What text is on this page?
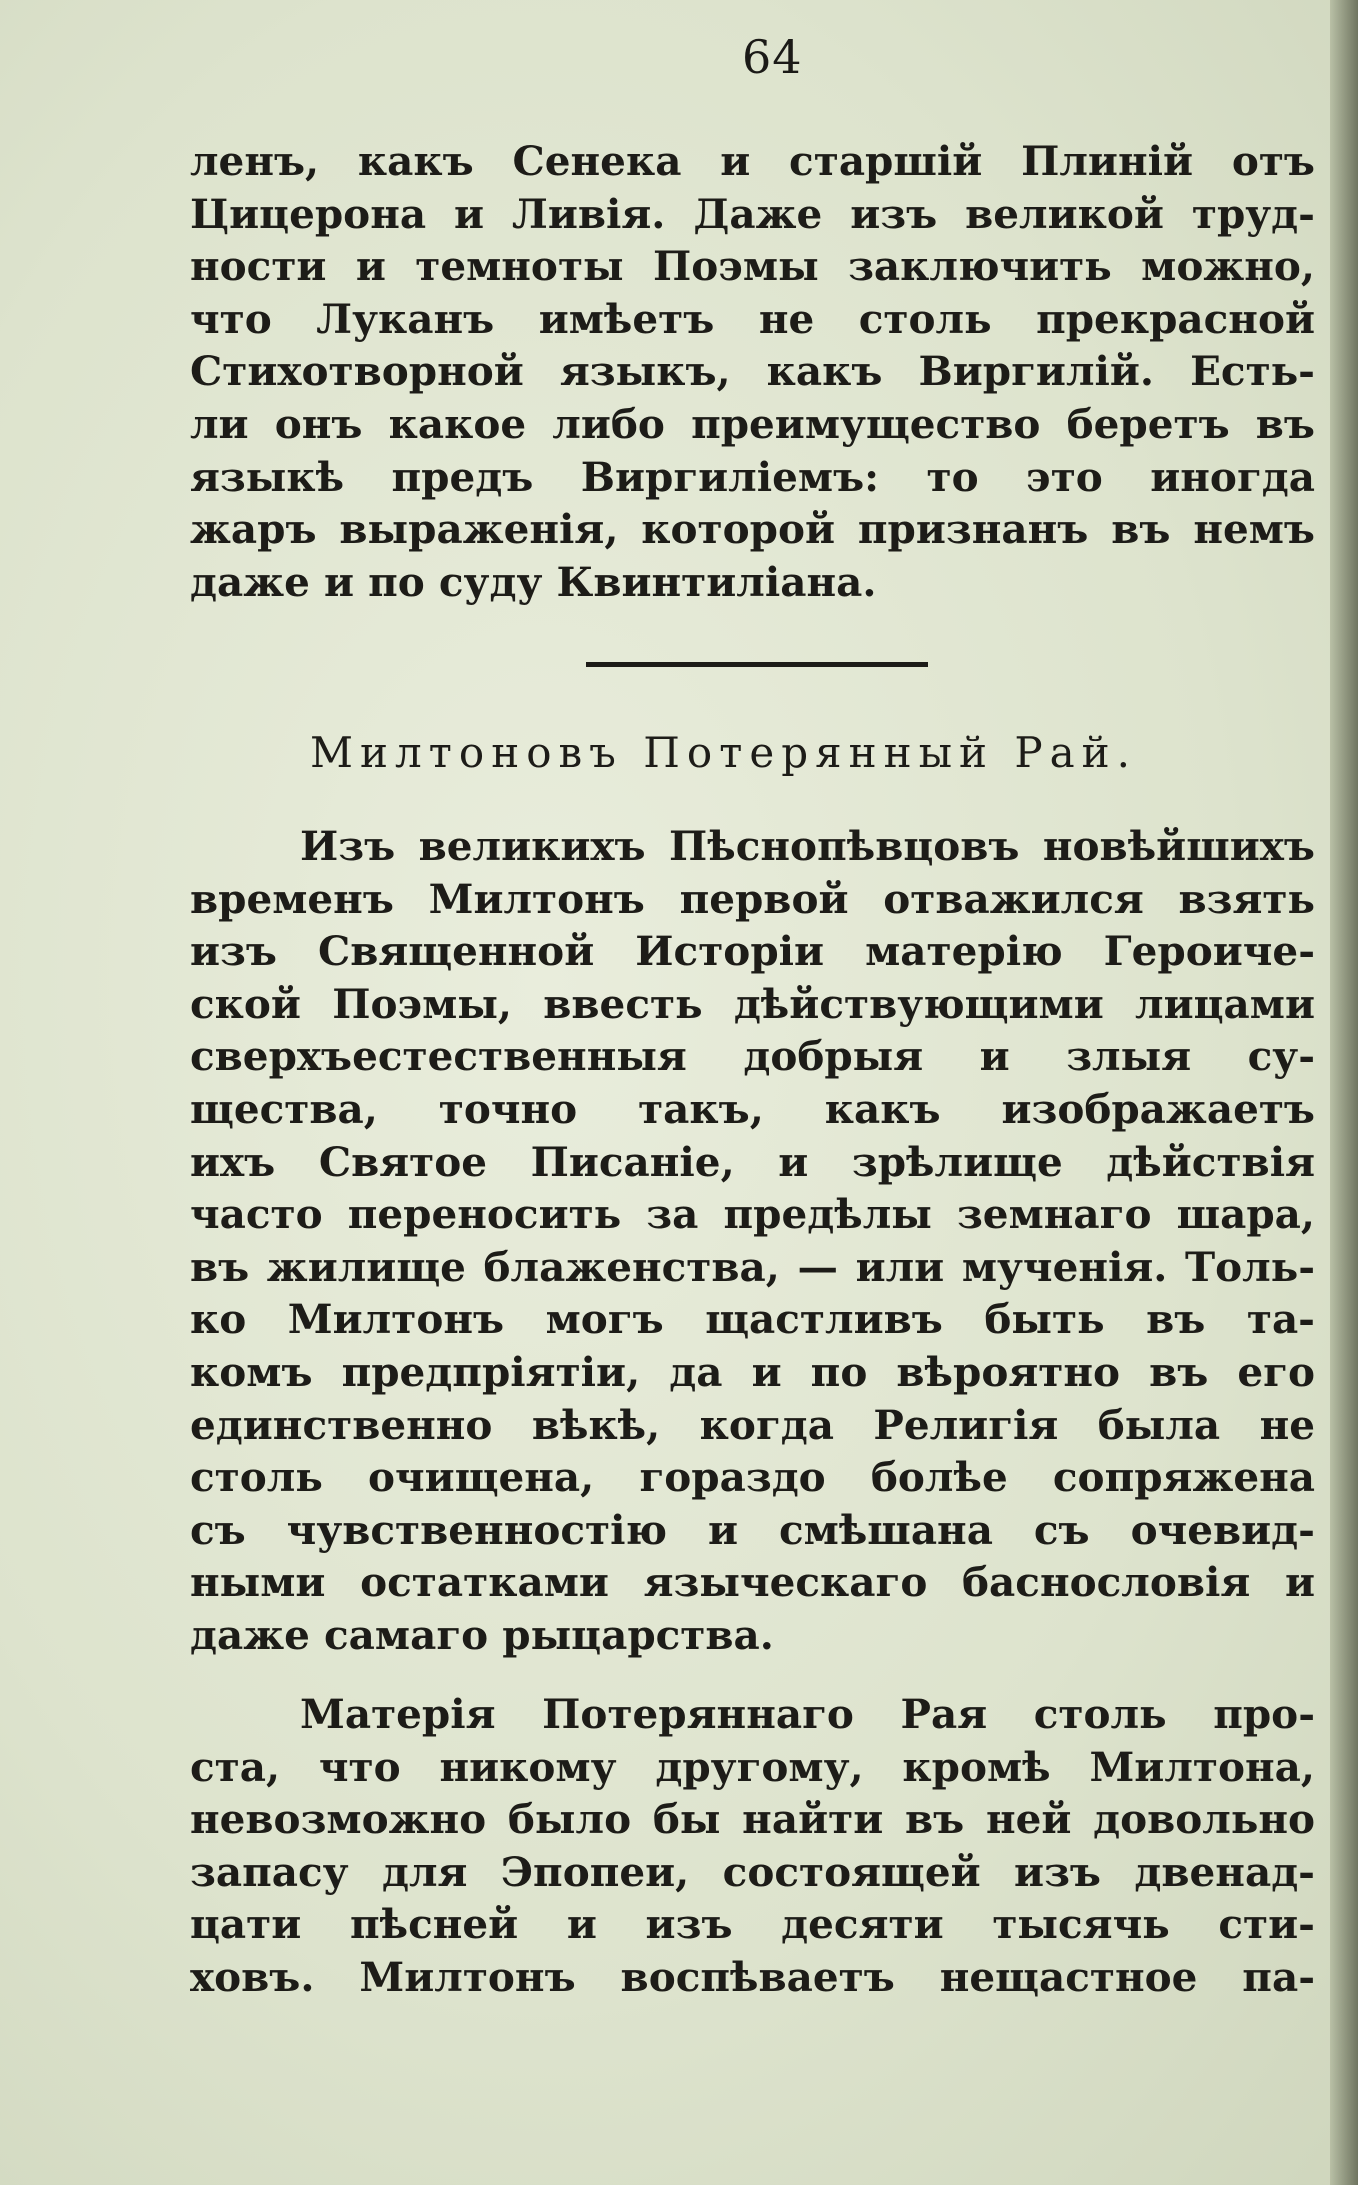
64
ленъ, какъ Сенека и старшій Плиній отъ
Цицерона и Ливія. Даже изъ великой труд-
ности и темноты Поэмы заключить можно,
что Луканъ имѣетъ не столь прекрасной
Стихотворной языкъ, какъ Виргилій. Есть-
ли онъ какое либо преимущество беретъ въ
языкѣ предъ Виргиліемъ: то это иногда
жаръ выраженія, которой признанъ въ немъ
даже и по суду Квинтиліана.
Милтоновъ Потерянный Рай.
Изъ великихъ Пѣснопѣвцовъ новѣйшихъ
временъ Милтонъ первой отважился взять
изъ Священной Исторіи матерію Героиче-
ской Поэмы, ввесть дѣйствующими лицами
сверхъестественныя добрыя и злыя су-
щества, точно такъ, какъ изображаетъ
ихъ Святое Писаніе, и зрѣлище дѣйствія
часто переносить за предѣлы земнаго шара,
въ жилище блаженства, — или мученія. Толь-
ко Милтонъ могъ щастливъ быть въ та-
комъ предпріятіи, да и по вѣроятно въ его
единственно вѣкѣ, когда Религія была не
столь очищена, гораздо болѣе сопряжена
съ чувственностію и смѣшана съ очевид-
ными остатками языческаго баснословія и
даже самаго рыцарства.
Матерія Потеряннаго Рая столь про-
ста, что никому другому, кромѣ Милтона,
невозможно было бы найти въ ней довольно
запасу для Эпопеи, состоящей изъ двенад-
цати пѣсней и изъ десяти тысячь сти-
ховъ. Милтонъ воспѣваетъ нещастное па-
